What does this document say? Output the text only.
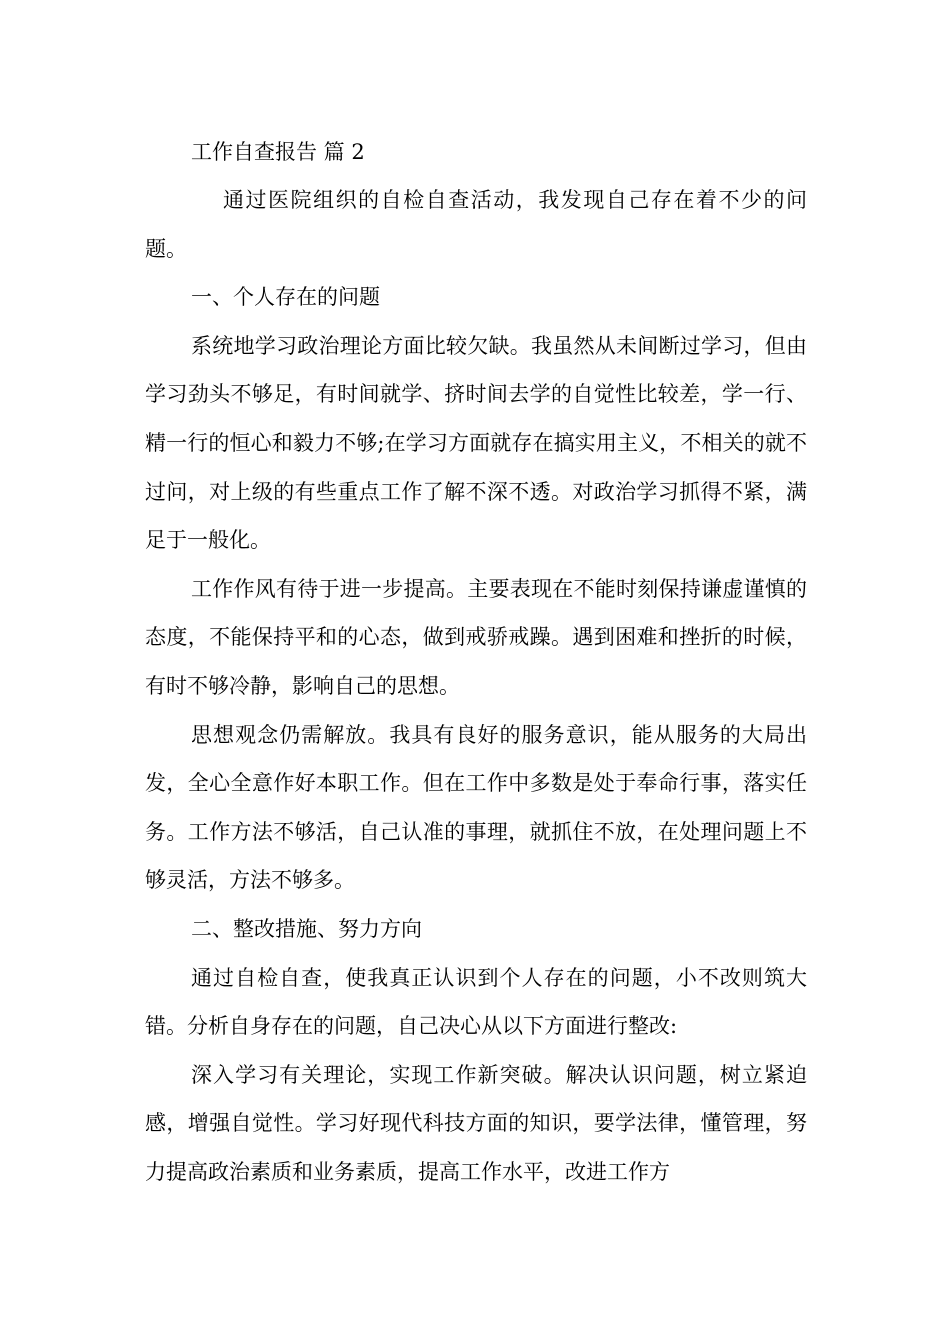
工作自查报告 篇 2

通过医院组织的自检自查活动，我发现自己存在着不少的问题。

一、个人存在的问题

系统地学习政治理论方面比较欠缺。我虽然从未间断过学习，但由学习劲头不够足，有时间就学、挤时间去学的自觉性比较差，学一行、精一行的恒心和毅力不够;在学习方面就存在搞实用主义，不相关的就不过问，对上级的有些重点工作了解不深不透。对政治学习抓得不紧，满足于一般化。

工作作风有待于进一步提高。主要表现在不能时刻保持谦虚谨慎的态度，不能保持平和的心态，做到戒骄戒躁。遇到困难和挫折的时候，有时不够冷静，影响自己的思想。

思想观念仍需解放。我具有良好的服务意识，能从服务的大局出发，全心全意作好本职工作。但在工作中多数是处于奉命行事，落实任务。工作方法不够活，自己认准的事理，就抓住不放，在处理问题上不够灵活，方法不够多。

二、整改措施、努力方向

通过自检自查，使我真正认识到个人存在的问题，小不改则筑大错。分析自身存在的问题，自己决心从以下方面进行整改:

深入学习有关理论，实现工作新突破。解决认识问题，树立紧迫感，增强自觉性。学习好现代科技方面的知识，要学法律，懂管理，努力提高政治素质和业务素质，提高工作水平，改进工作方
